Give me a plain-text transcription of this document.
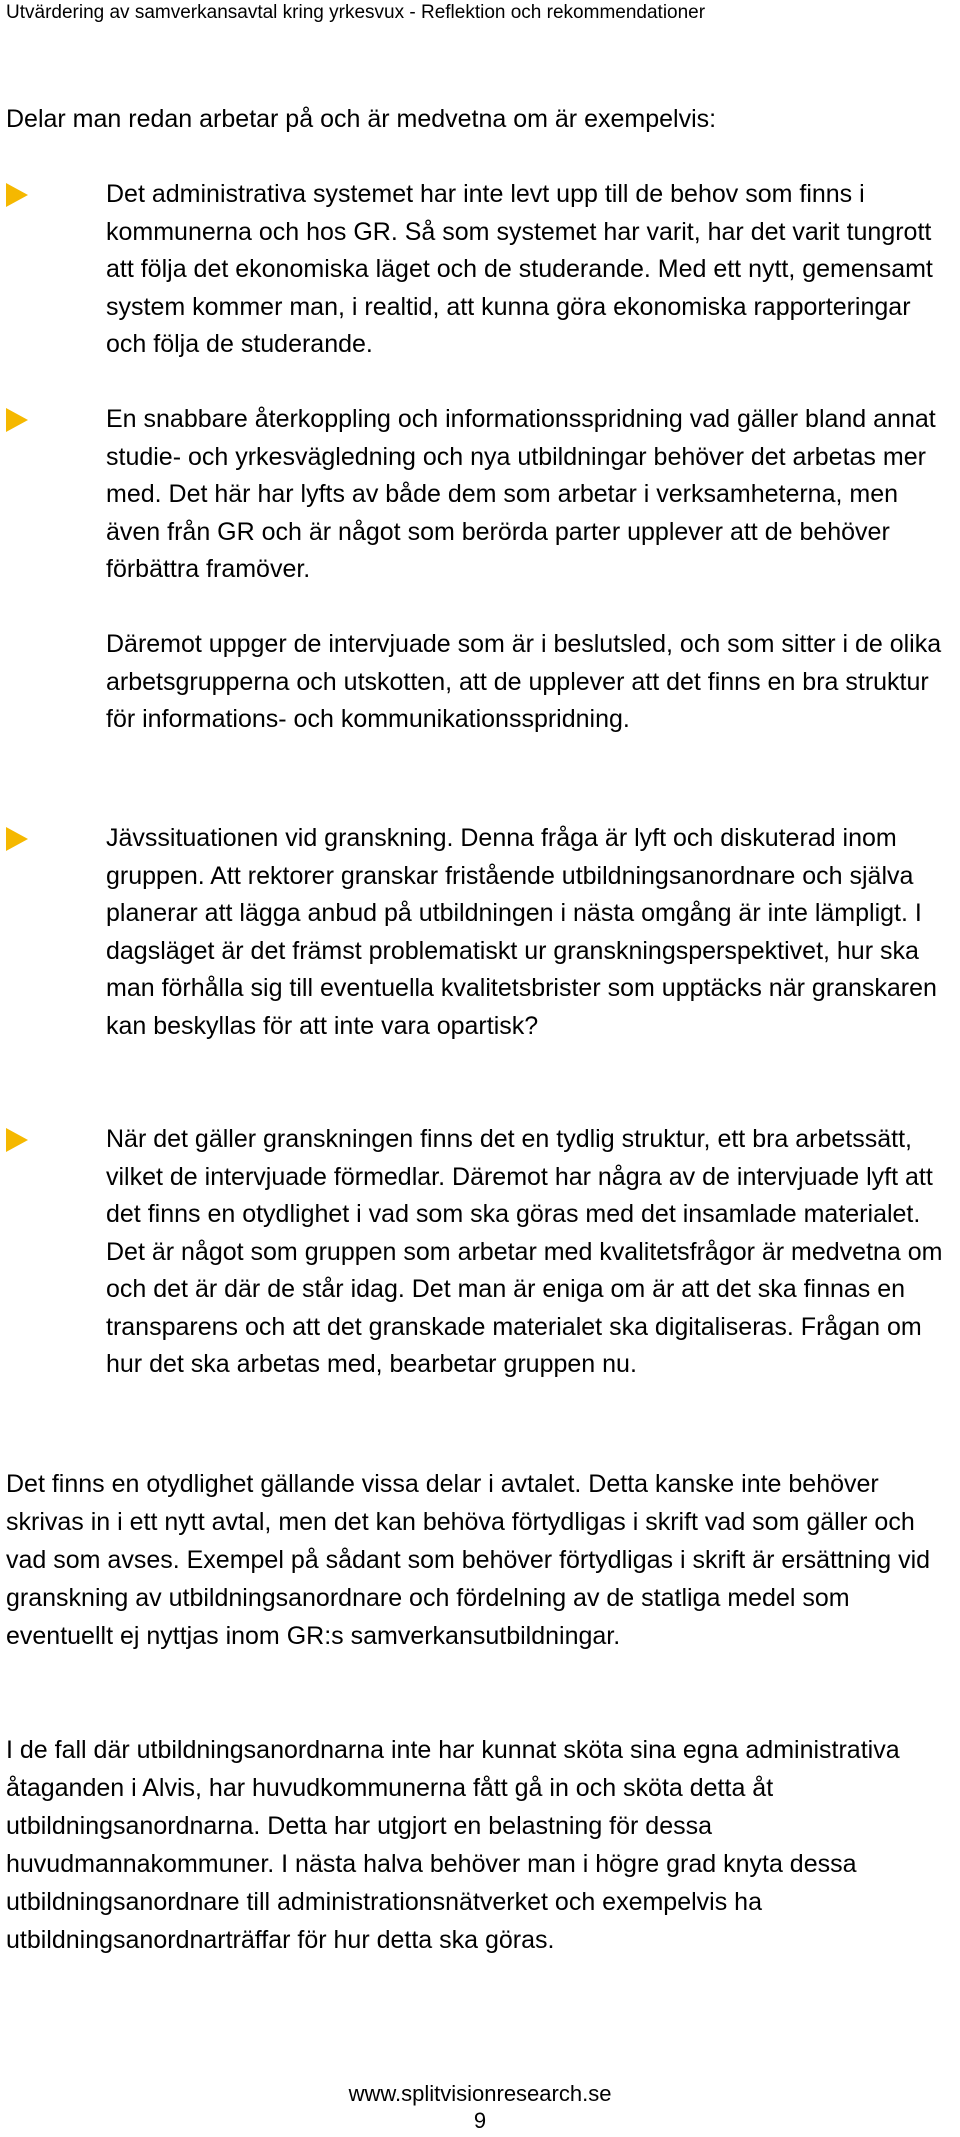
Utvärdering av samverkansavtal kring yrkesvux - Reflektion och rekommendationer
Delar man redan arbetar på och är medvetna om är exempelvis:
Det administrativa systemet har inte levt upp till de behov som finns i kommunerna och hos GR. Så som systemet har varit, har det varit tungrott att följa det ekonomiska läget och de studerande. Med ett nytt, gemensamt system kommer man, i realtid, att kunna göra ekonomiska rapporteringar och följa de studerande.
En snabbare återkoppling och informationsspridning vad gäller bland annat studie- och yrkesvägledning och nya utbildningar behöver det arbetas mer med. Det här har lyfts av både dem som arbetar i verksamheterna, men även från GR och är något som berörda parter upplever att de behöver förbättra framöver.
Däremot uppger de intervjuade som är i beslutsled, och som sitter i de olika arbetsgrupperna och utskotten, att de upplever att det finns en bra struktur för informations- och kommunikationsspridning.
Jävssituationen vid granskning. Denna fråga är lyft och diskuterad inom gruppen. Att rektorer granskar fristående utbildningsanordnare och själva planerar att lägga anbud på utbildningen i nästa omgång är inte lämpligt. I dagsläget är det främst problematiskt ur granskningsperspektivet, hur ska man förhålla sig till eventuella kvalitetsbrister som upptäcks när granskaren kan beskyllas för att inte vara opartisk?
När det gäller granskningen finns det en tydlig struktur, ett bra arbetssätt, vilket de intervjuade förmedlar. Däremot har några av de intervjuade lyft att det finns en otydlighet i vad som ska göras med det insamlade materialet. Det är något som gruppen som arbetar med kvalitetsfrågor är medvetna om och det är där de står idag. Det man är eniga om är att det ska finnas en transparens och att det granskade materialet ska digitaliseras. Frågan om hur det ska arbetas med, bearbetar gruppen nu.
Det finns en otydlighet gällande vissa delar i avtalet. Detta kanske inte behöver skrivas in i ett nytt avtal, men det kan behöva förtydligas i skrift vad som gäller och vad som avses. Exempel på sådant som behöver förtydligas i skrift är ersättning vid granskning av utbildningsanordnare och fördelning av de statliga medel som eventuellt ej nyttjas inom GR:s samverkansutbildningar.
I de fall där utbildningsanordnarna inte har kunnat sköta sina egna administrativa åtaganden i Alvis, har huvudkommunerna fått gå in och sköta detta åt utbildningsanordnarna. Detta har utgjort en belastning för dessa huvudmannakommuner. I nästa halva behöver man i högre grad knyta dessa utbildningsanordnare till administrationsnätverket och exempelvis ha utbildningsanordnarträffar för hur detta ska göras.
www.splitvisionresearch.se
9
